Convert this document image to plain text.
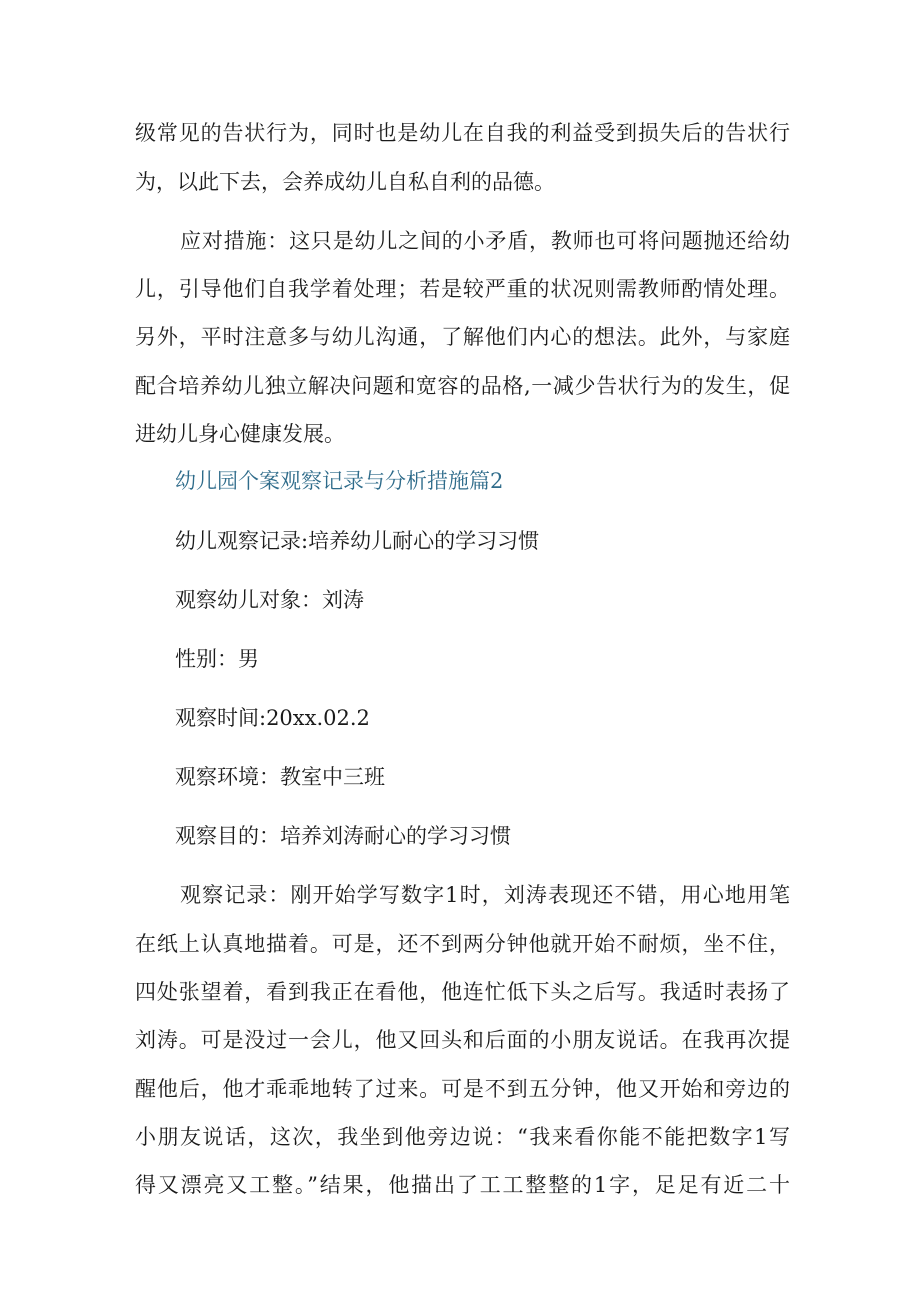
级常见的告状行为，同时也是幼儿在自我的利益受到损失后的告状行
为，以此下去，会养成幼儿自私自利的品德。
应对措施：这只是幼儿之间的小矛盾，教师也可将问题抛还给幼
儿，引导他们自我学着处理；若是较严重的状况则需教师酌情处理。
另外，平时注意多与幼儿沟通，了解他们内心的想法。此外，与家庭
配合培养幼儿独立解决问题和宽容的品格,一减少告状行为的发生，促
进幼儿身心健康发展。
幼儿园个案观察记录与分析措施篇2
幼儿观察记录:培养幼儿耐心的学习习惯
观察幼儿对象：刘涛
性别：男
观察时间:20xx.02.2
观察环境：教室中三班
观察目的：培养刘涛耐心的学习习惯
观察记录：刚开始学写数字1时，刘涛表现还不错，用心地用笔
在纸上认真地描着。可是，还不到两分钟他就开始不耐烦，坐不住，
四处张望着，看到我正在看他，他连忙低下头之后写。我适时表扬了
刘涛。可是没过一会儿，他又回头和后面的小朋友说话。在我再次提
醒他后，他才乖乖地转了过来。可是不到五分钟，他又开始和旁边的
小朋友说话，这次，我坐到他旁边说：“我来看你能不能把数字1写
得又漂亮又工整。”结果，他描出了工工整整的1字，足足有近二十
